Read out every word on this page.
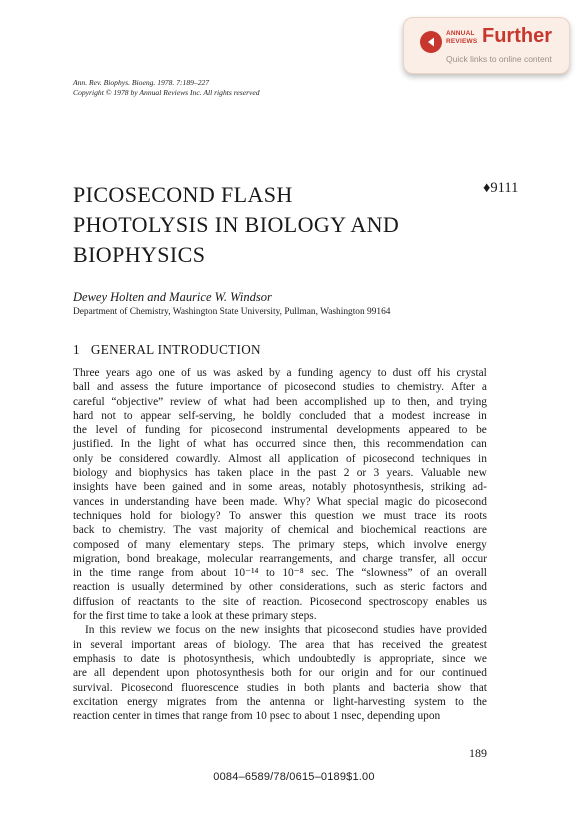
ANNUAL
REVIEWS Further
Quick links to online content
Ann. Rev. Biophys. Bioeng. 1978. 7:189–227
Copyright © 1978 by Annual Reviews Inc. All rights reserved
PICOSECOND FLASH
PHOTOLYSIS IN BIOLOGY AND
BIOPHYSICS
♦9111
Dewey Holten and Maurice W. Windsor
Department of Chemistry, Washington State University, Pullman, Washington 99164
1 GENERAL INTRODUCTION
Three years ago one of us was asked by a funding agency to dust off his crystal
ball and assess the future importance of picosecond studies to chemistry. After a
careful “objective” review of what had been accomplished up to then, and trying
hard not to appear self-serving, he boldly concluded that a modest increase in
the level of funding for picosecond instrumental developments appeared to be
justified. In the light of what has occurred since then, this recommendation can
only be considered cowardly. Almost all application of picosecond techniques in
biology and biophysics has taken place in the past 2 or 3 years. Valuable new
insights have been gained and in some areas, notably photosynthesis, striking ad-
vances in understanding have been made. Why? What special magic do picosecond
techniques hold for biology? To answer this question we must trace its roots
back to chemistry. The vast majority of chemical and biochemical reactions are
composed of many elementary steps. The primary steps, which involve energy
migration, bond breakage, molecular rearrangements, and charge transfer, all occur
in the time range from about 10⁻¹⁴ to 10⁻⁸ sec. The “slowness” of an overall
reaction is usually determined by other considerations, such as steric factors and
diffusion of reactants to the site of reaction. Picosecond spectroscopy enables us
for the first time to take a look at these primary steps.
In this review we focus on the new insights that picosecond studies have provided
in several important areas of biology. The area that has received the greatest
emphasis to date is photosynthesis, which undoubtedly is appropriate, since we
are all dependent upon photosynthesis both for our origin and for our continued
survival. Picosecond fluorescence studies in both plants and bacteria show that
excitation energy migrates from the antenna or light-harvesting system to the
reaction center in times that range from 10 psec to about 1 nsec, depending upon
189
0084–6589/78/0615–0189$1.00
